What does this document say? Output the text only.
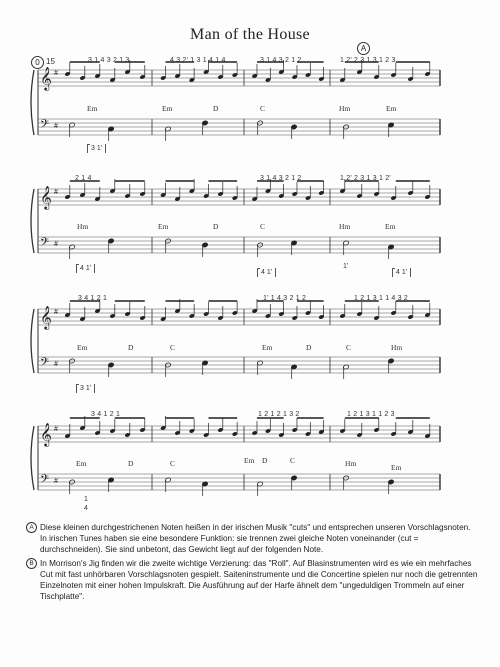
Man of the House
A
0 15	3 1 4 3 2 1 3	4 3 2' 1 3 1 4 1 4	3 1 4 3 2 1 2	1 2' 2 3 1 3 1 2 3
Em	Em	D	C	Hm	Em
3 1'
2 1 4	3 1 4 3 2 1 2	1 2' 2 3 1 3 1 2'
Hm	Em	D	C	Hm	Em
1'
4 1'
4 1'	4 1'
3 4 1 2 1	1' 1 4 3 2 1 2	1 2 1 3 1 1 4 3 2
Em	D	C	Em	D	C	Hm
3 1'
3 4 1 2 1	1 2 1 2 1 3 2	1 2 1 3 1 1 2 3
Em	D	C	Em D	C	Hm	Em
1
4
𝄞 #
𝄢 #
𝄞 #
𝄢 #
𝄞 #
𝄢 #
𝄞 #
𝄢 #
A Diese kleinen durchgestrichenen Noten heißen in der irischen Musik "cuts" und entsprechen unseren Vorschlagsnoten. In irischen Tunes haben sie eine besondere Funktion: sie trennen zwei gleiche Noten voneinander (cut = durchschneiden). Sie sind unbetont, das Gewicht liegt auf der folgenden Note.
B In Morrison's Jig finden wir die zweite wichtige Verzierung: das "Roll". Auf Blasinstrumenten wird es wie ein mehrfaches Cut mit fast unhörbaren Vorschlagsnoten gespielt. Saiteninstrumente und die Concertine spielen nur noch die getrennten Einzelnoten mit einer hohen Impulskraft. Die Ausführung auf der Harfe ähnelt dem "ungeduldigen Trommeln auf einer Tischplatte".
